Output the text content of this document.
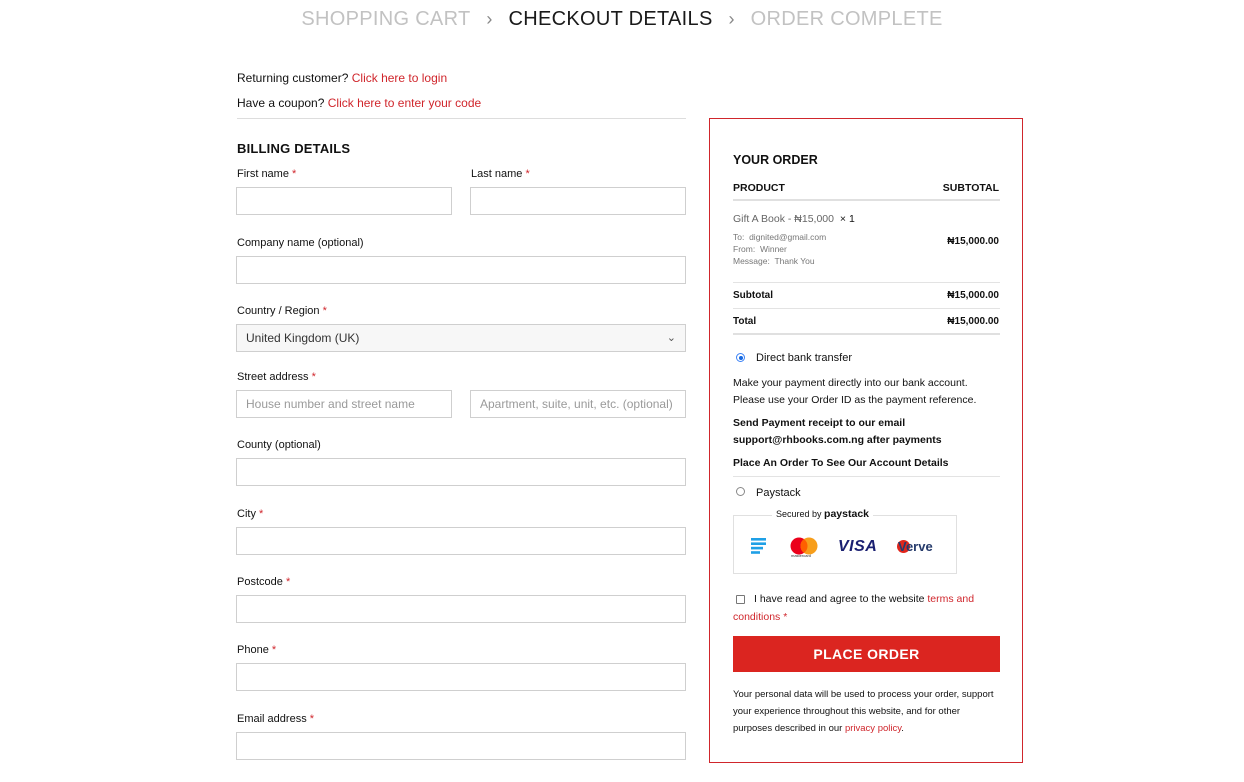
SHOPPING CART › CHECKOUT DETAILS › ORDER COMPLETE
Returning customer? Click here to login
Have a coupon? Click here to enter your code
BILLING DETAILS
First name *	Last name *
Company name (optional)
Country / Region *
United Kingdom (UK)	⌄
Street address *
House number and street name	Apartment, suite, unit, etc. (optional)
County (optional)
City *
Postcode *
Phone *
Email address *
YOUR ORDER
PRODUCT	SUBTOTAL
Gift A Book - ₦15,000 × 1
To: dignited@gmail.com
From: Winner
Message: Thank You
₦15,000.00
Subtotal	₦15,000.00
Total	₦15,000.00
Direct bank transfer
Make your payment directly into our bank account.
Please use your Order ID as the payment reference.
Send Payment receipt to our email
support@rhbooks.com.ng after payments
Place An Order To See Our Account Details
Paystack
mastercard
VISA Verve
Secured by paystack
I have read and agree to the website terms and conditions *
PLACE ORDER
Your personal data will be used to process your order, support your experience throughout this website, and for other purposes described in our privacy policy.
